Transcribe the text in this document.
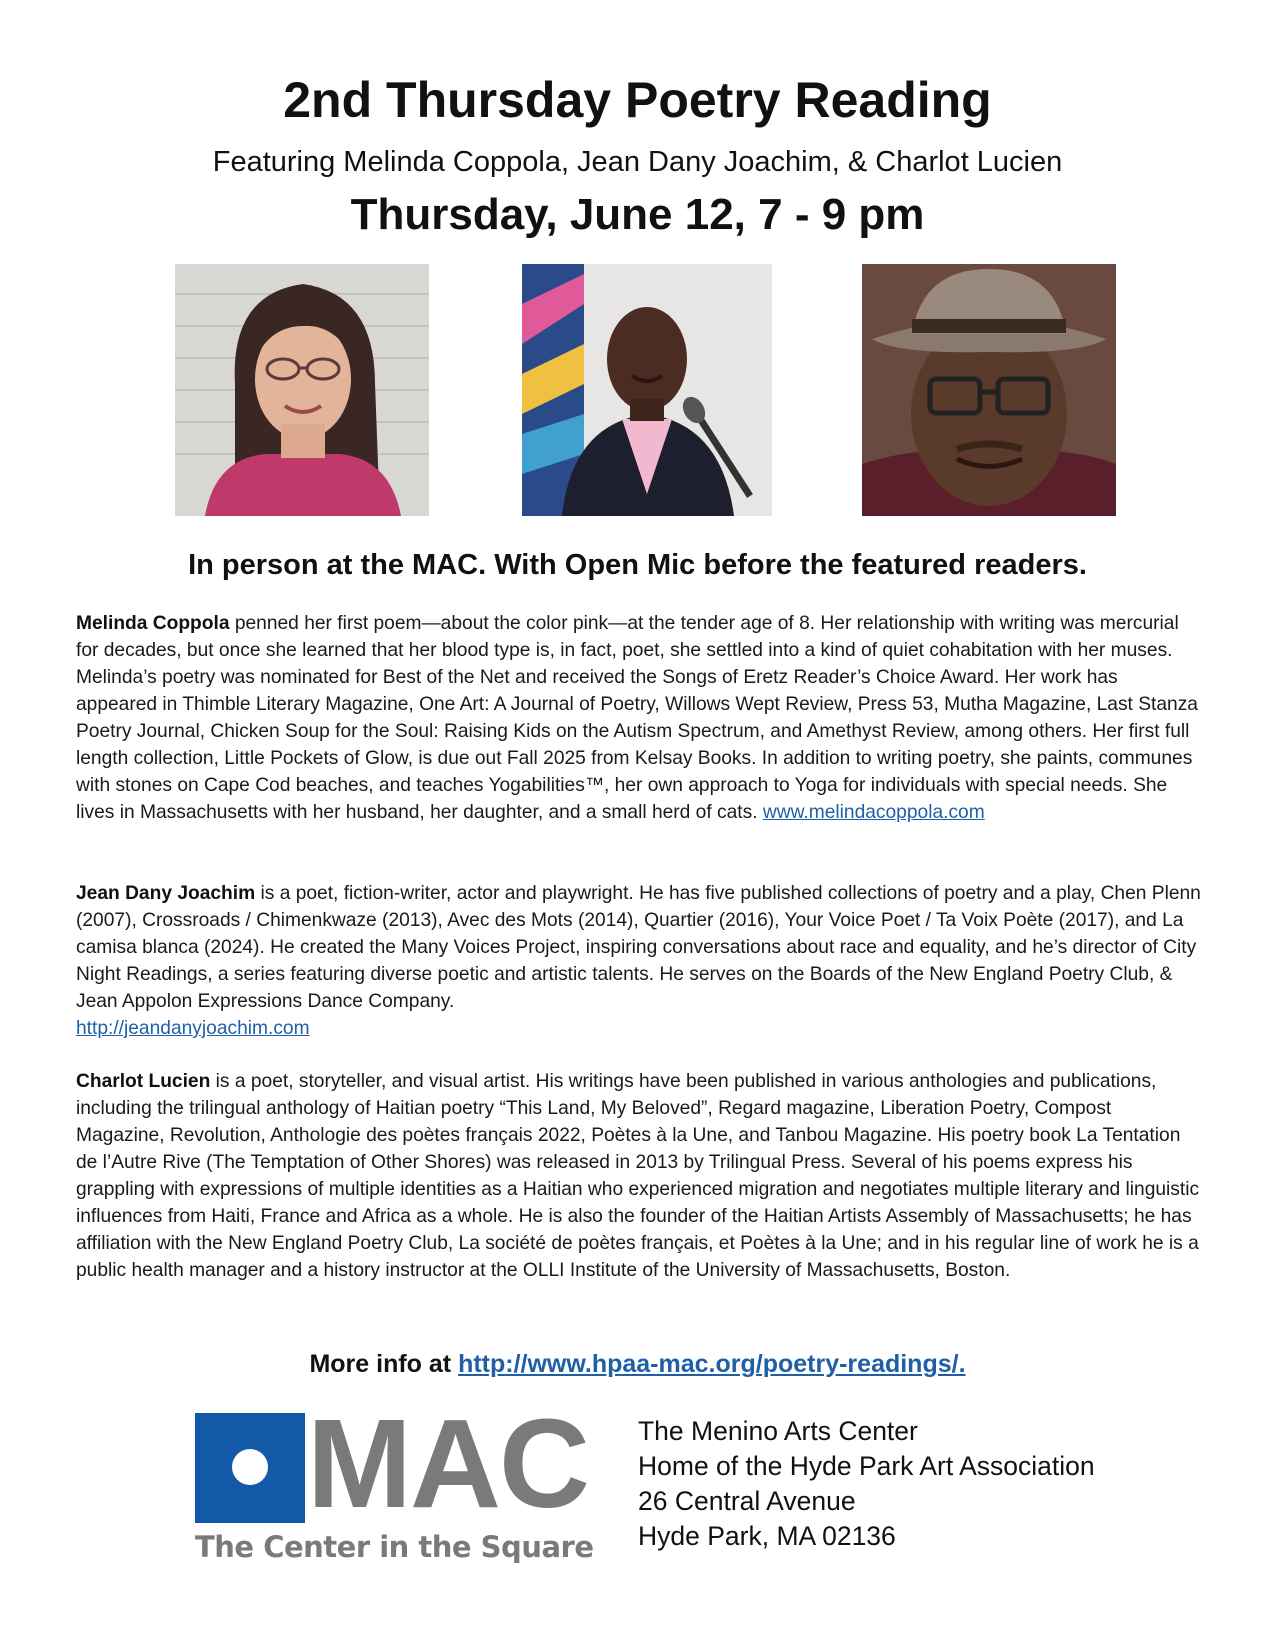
2nd Thursday Poetry Reading

Featuring Melinda Coppola, Jean Dany Joachim, & Charlot Lucien

Thursday, June 12, 7 - 9 pm

In person at the MAC. With Open Mic before the featured readers.

Melinda Coppola penned her first poem—about the color pink—at the tender age of 8. Her relationship with writing was mercurial for decades, but once she learned that her blood type is, in fact, poet, she settled into a kind of quiet cohabitation with her muses. Melinda’s poetry was nominated for Best of the Net and received the Songs of Eretz Reader’s Choice Award. Her work has appeared in Thimble Literary Magazine, One Art: A Journal of Poetry, Willows Wept Review, Press 53, Mutha Magazine, Last Stanza Poetry Journal, Chicken Soup for the Soul: Raising Kids on the Autism Spectrum, and Amethyst Review, among others. Her first full length collection, Little Pockets of Glow, is due out Fall 2025 from Kelsay Books. In addition to writing poetry, she paints, communes with stones on Cape Cod beaches, and teaches Yogabilities™, her own approach to Yoga for individuals with special needs. She lives in Massachusetts with her husband, her daughter, and a small herd of cats. www.melindacoppola.com

Jean Dany Joachim is a poet, fiction-writer, actor and playwright. He has five published collections of poetry and a play, Chen Plenn (2007), Crossroads / Chimenkwaze (2013), Avec des Mots (2014), Quartier (2016), Your Voice Poet / Ta Voix Poète (2017), and La camisa blanca (2024). He created the Many Voices Project, inspiring conversations about race and equality, and he’s director of City Night Readings, a series featuring diverse poetic and artistic talents. He serves on the Boards of the New England Poetry Club, & Jean Appolon Expressions Dance Company.
http://jeandanyjoachim.com

Charlot Lucien is a poet, storyteller, and visual artist. His writings have been published in various anthologies and publications, including the trilingual anthology of Haitian poetry “This Land, My Beloved”, Regard magazine, Liberation Poetry, Compost Magazine, Revolution, Anthologie des poètes français 2022, Poètes à la Une, and Tanbou Magazine. His poetry book La Tentation de l’Autre Rive (The Temptation of Other Shores) was released in 2013 by Trilingual Press. Several of his poems express his grappling with expressions of multiple identities as a Haitian who experienced migration and negotiates multiple literary and linguistic influences from Haiti, France and Africa as a whole. He is also the founder of the Haitian Artists Assembly of Massachusetts; he has affiliation with the New England Poetry Club, La société de poètes français, et Poètes à la Une; and in his regular line of work he is a public health manager and a history instructor at the OLLI Institute of the University of Massachusetts, Boston.

More info at http://www.hpaa-mac.org/poetry-readings/.

MAC
The Center in the Square
The Menino Arts Center
Home of the Hyde Park Art Association
26 Central Avenue
Hyde Park, MA 02136
